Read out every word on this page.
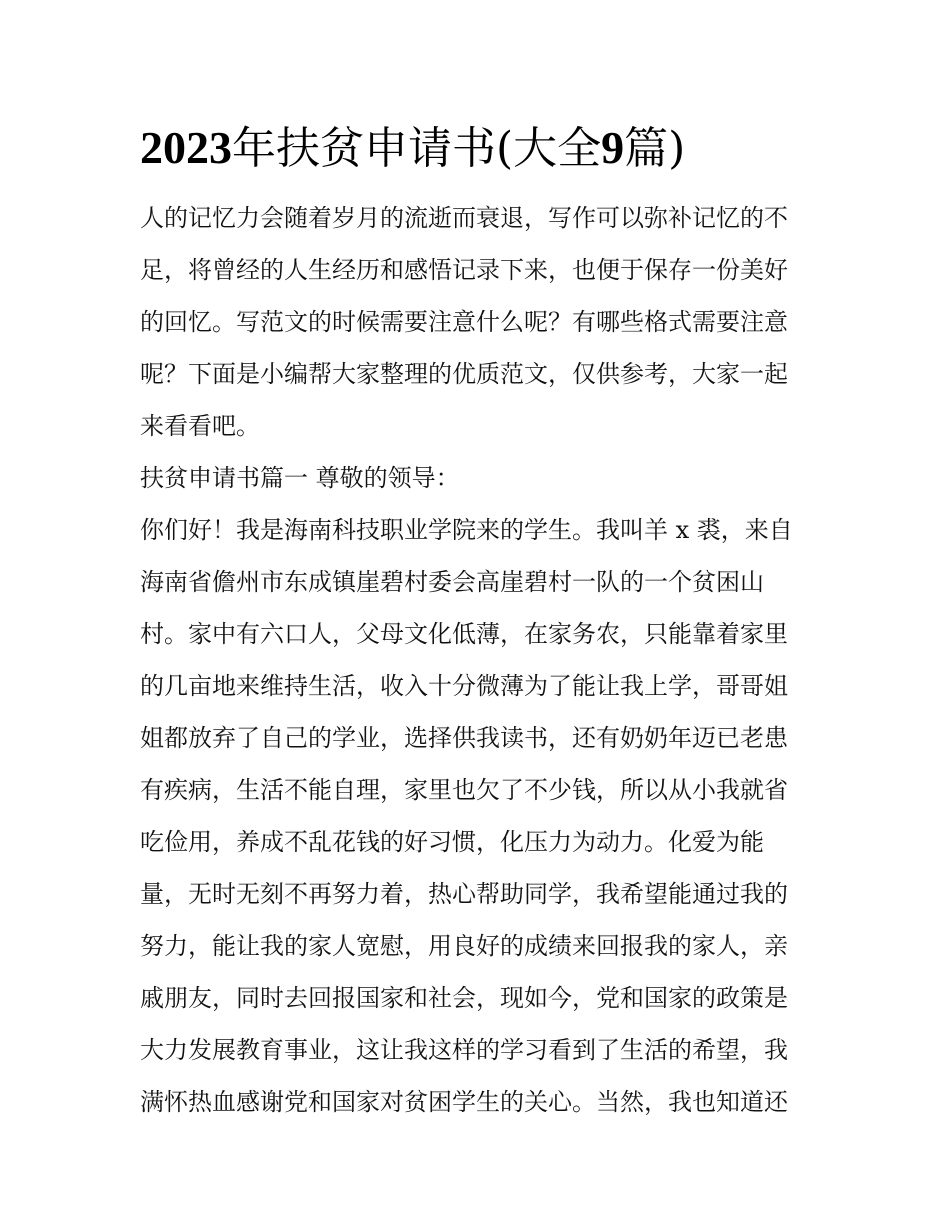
2023年扶贫申请书(大全9篇)

人的记忆力会随着岁月的流逝而衰退，写作可以弥补记忆的不

足，将曾经的人生经历和感悟记录下来，也便于保存一份美好

的回忆。写范文的时候需要注意什么呢？有哪些格式需要注意

呢？下面是小编帮大家整理的优质范文，仅供参考，大家一起

来看看吧。

扶贫申请书篇一 尊敬的领导：

你们好！我是海南科技职业学院来的学生。我叫羊 x 裘，来自

海南省儋州市东成镇崖碧村委会高崖碧村一队的一个贫困山

村。家中有六口人，父母文化低薄，在家务农，只能靠着家里

的几亩地来维持生活，收入十分微薄为了能让我上学，哥哥姐

姐都放弃了自己的学业，选择供我读书，还有奶奶年迈已老患

有疾病，生活不能自理，家里也欠了不少钱，所以从小我就省

吃俭用，养成不乱花钱的好习惯，化压力为动力。化爱为能

量，无时无刻不再努力着，热心帮助同学，我希望能通过我的

努力，能让我的家人宽慰，用良好的成绩来回报我的家人，亲

戚朋友，同时去回报国家和社会，现如今，党和国家的政策是

大力发展教育事业，这让我这样的学习看到了生活的希望，我

满怀热血感谢党和国家对贫困学生的关心。当然，我也知道还
